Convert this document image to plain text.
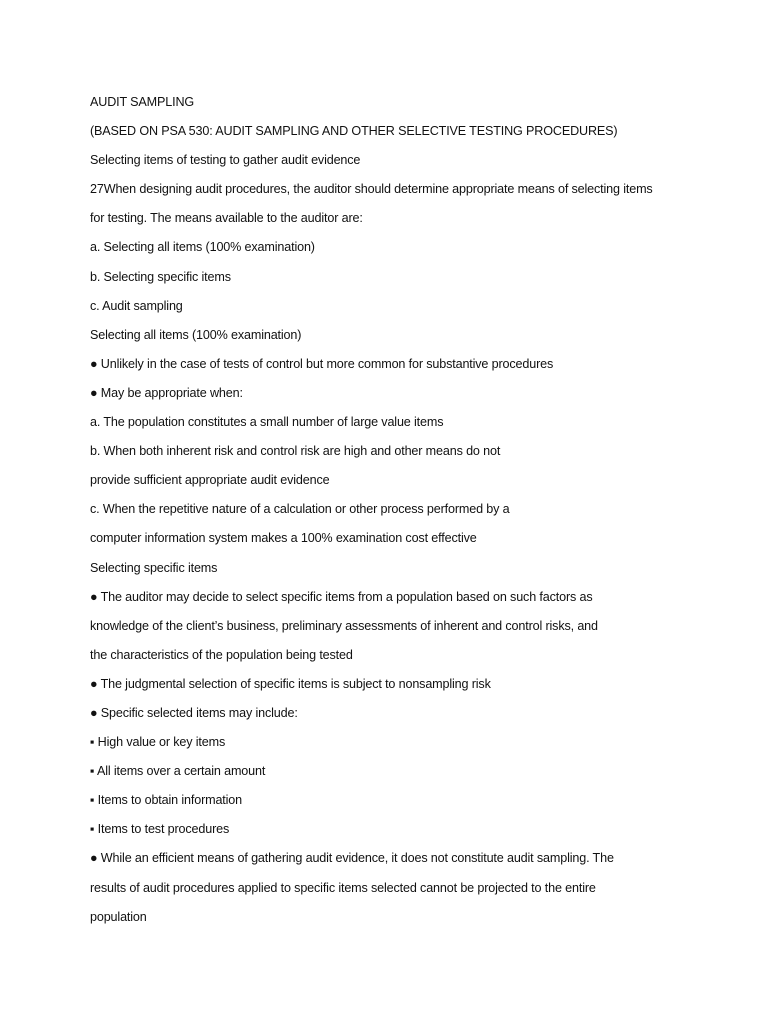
AUDIT SAMPLING
(BASED ON PSA 530: AUDIT SAMPLING AND OTHER SELECTIVE TESTING PROCEDURES)
Selecting items of testing to gather audit evidence
27When designing audit procedures, the auditor should determine appropriate means of selecting items
for testing. The means available to the auditor are:
a. Selecting all items (100% examination)
b. Selecting specific items
c. Audit sampling
Selecting all items (100% examination)
● Unlikely in the case of tests of control but more common for substantive procedures
● May be appropriate when:
a. The population constitutes a small number of large value items
b. When both inherent risk and control risk are high and other means do not
provide sufficient appropriate audit evidence
c. When the repetitive nature of a calculation or other process performed by a
computer information system makes a 100% examination cost effective
Selecting specific items
● The auditor may decide to select specific items from a population based on such factors as
knowledge of the client’s business, preliminary assessments of inherent and control risks, and
the characteristics of the population being tested
● The judgmental selection of specific items is subject to nonsampling risk
● Specific selected items may include:
▪ High value or key items
▪ All items over a certain amount
▪ Items to obtain information
▪ Items to test procedures
● While an efficient means of gathering audit evidence, it does not constitute audit sampling. The
results of audit procedures applied to specific items selected cannot be projected to the entire
population
